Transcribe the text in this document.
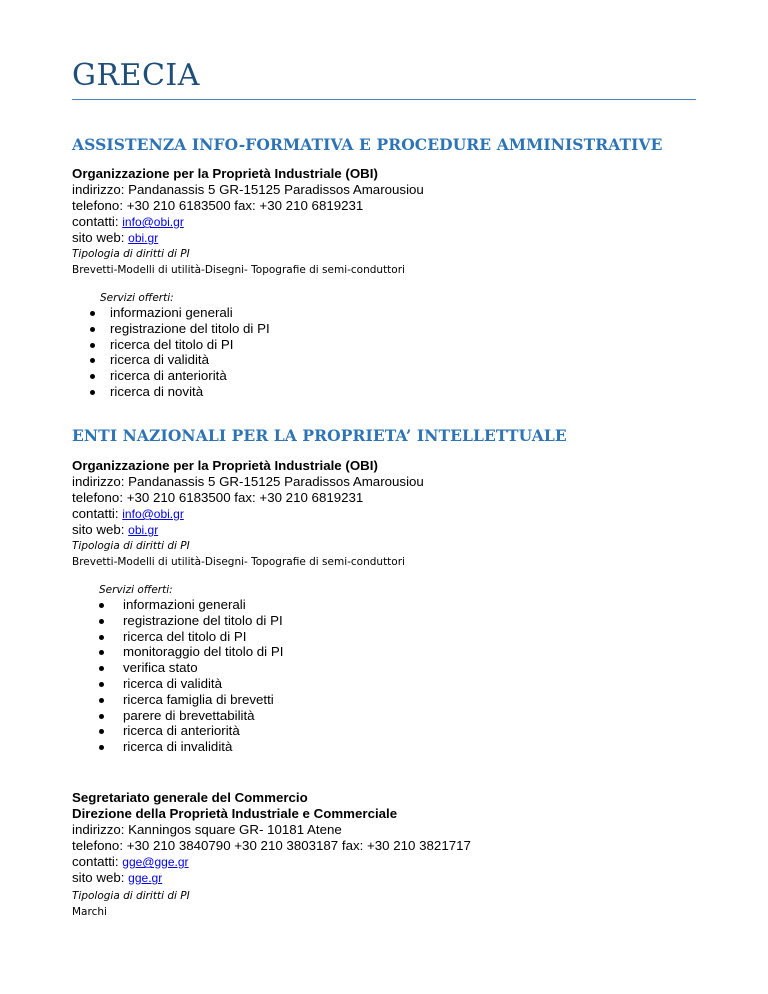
GRECIA
ASSISTENZA INFO-FORMATIVA E PROCEDURE AMMINISTRATIVE
Organizzazione per la Proprietà Industriale (OBI)
indirizzo: Pandanassis 5 GR-15125 Paradissos Amarousiou
telefono: +30 210 6183500 fax: +30 210 6819231
contatti: info@obi.gr
sito web: obi.gr
Tipologia di diritti di PI
Brevetti-Modelli di utilità-Disegni- Topografie di semi-conduttori
Servizi offerti:
informazioni generali
registrazione del titolo di PI
ricerca del titolo di PI
ricerca di validità
ricerca di anteriorità
ricerca di novità
ENTI NAZIONALI PER LA PROPRIETA’ INTELLETTUALE
Organizzazione per la Proprietà Industriale (OBI)
indirizzo: Pandanassis 5 GR-15125 Paradissos Amarousiou
telefono: +30 210 6183500 fax: +30 210 6819231
contatti: info@obi.gr
sito web: obi.gr
Tipologia di diritti di PI
Brevetti-Modelli di utilità-Disegni- Topografie di semi-conduttori
Servizi offerti:
informazioni generali
registrazione del titolo di PI
ricerca del titolo di PI
monitoraggio del titolo di PI
verifica stato
ricerca di validità
ricerca famiglia di brevetti
parere di brevettabilità
ricerca di anteriorità
ricerca di invalidità
Segretariato generale del Commercio
Direzione della Proprietà Industriale e Commerciale
indirizzo: Kanningos square GR- 10181 Atene
telefono: +30 210 3840790 +30 210 3803187 fax: +30 210 3821717
contatti: gge@gge.gr
sito web: gge.gr
Tipologia di diritti di PI
Marchi
